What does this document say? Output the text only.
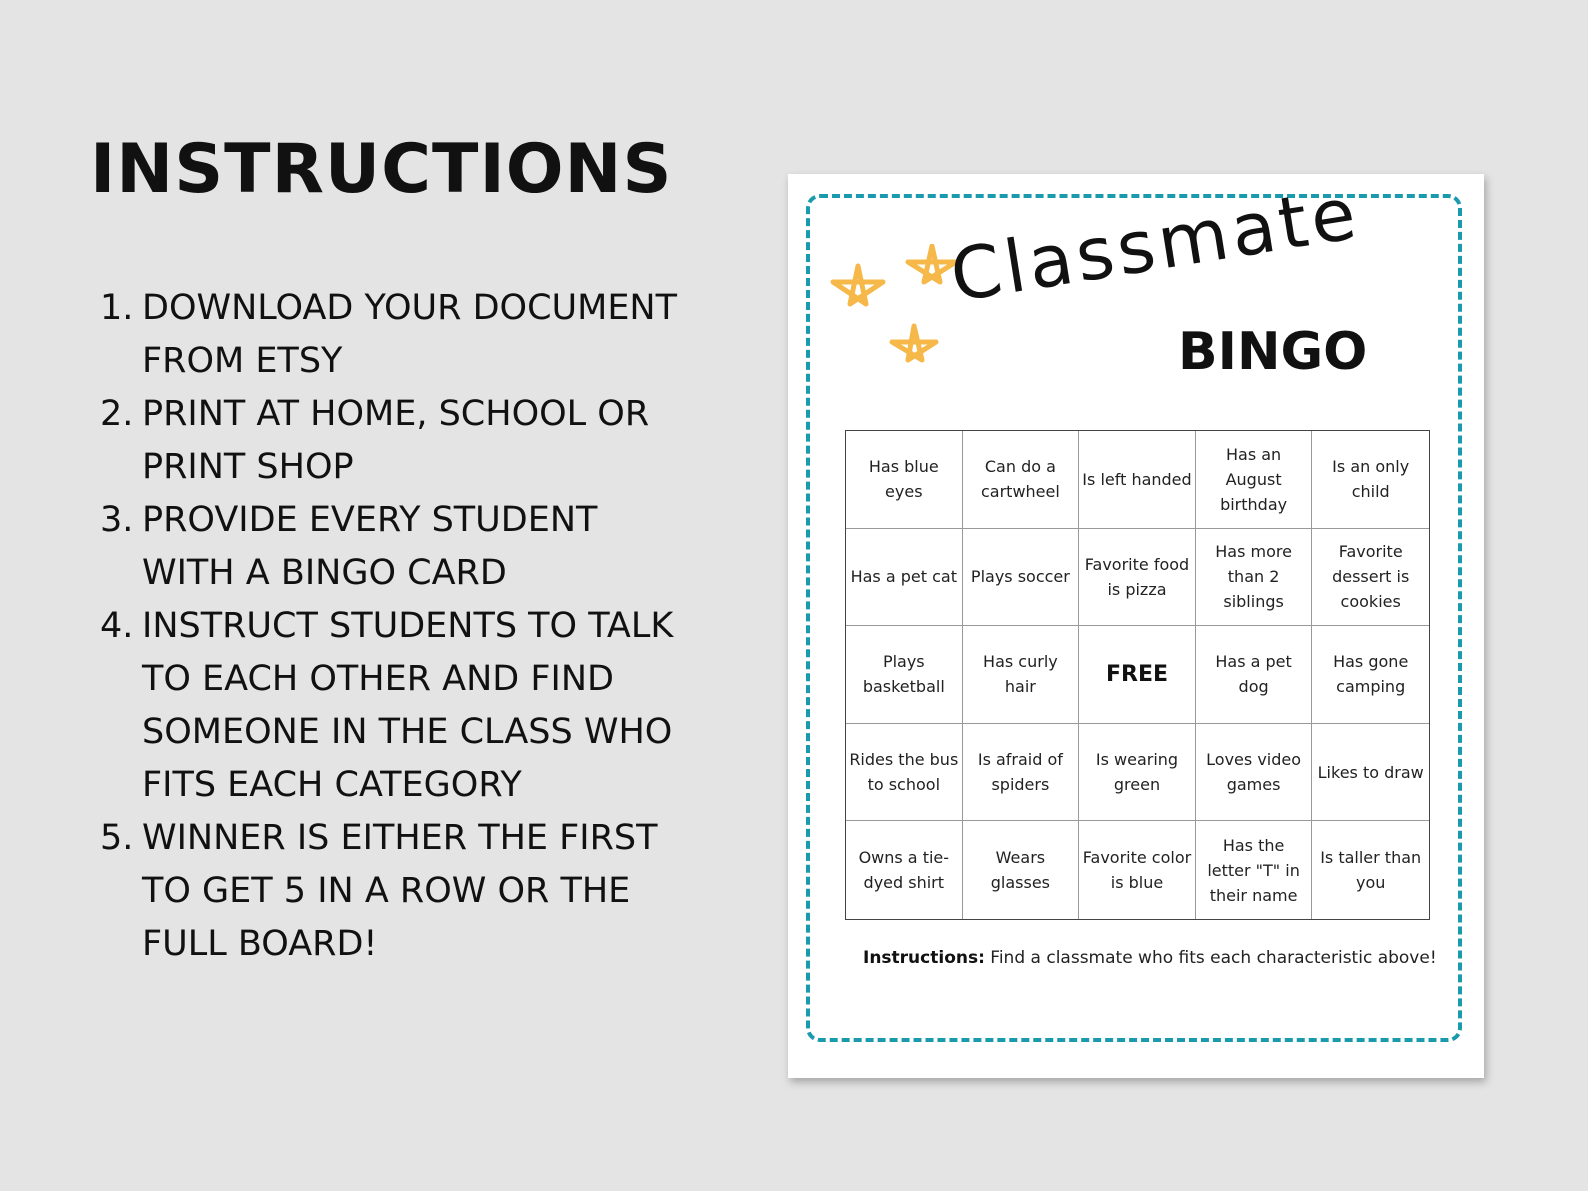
INSTRUCTIONS
1. DOWNLOAD YOUR DOCUMENT FROM ETSY
2. PRINT AT HOME, SCHOOL OR PRINT SHOP
3. PROVIDE EVERY STUDENT WITH A BINGO CARD
4. INSTRUCT STUDENTS TO TALK TO EACH OTHER AND FIND SOMEONE IN THE CLASS WHO FITS EACH CATEGORY
5. WINNER IS EITHER THE FIRST TO GET 5 IN A ROW OR THE FULL BOARD!
Classmate
BINGO
Has blue eyes
Can do a cartwheel
Is left handed
Has an August birthday
Is an only child
Has a pet cat Plays soccer
Favorite food is pizza
Has more than 2 siblings
Favorite dessert is cookies
Plays basketball
Has curly hair	FREE	Has a pet dog
Has gone camping
Rides the bus to school
Is afraid of spiders
Is wearing green
Loves video games
Likes to draw
Owns a tie-dyed shirt
Wears glasses
Favorite color is blue
Has the letter "T" in their name
Is taller than you
Instructions: Find a classmate who fits each characteristic above!
